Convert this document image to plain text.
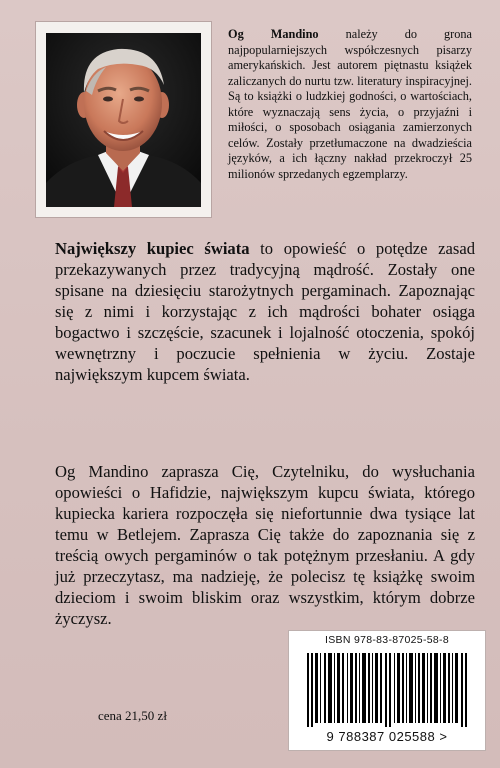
Og Mandino należy do grona najpopularniejszych współczesnych pisarzy amerykańskich. Jest autorem piętnastu książek zaliczanych do nurtu tzw. literatury inspiracyjnej. Są to książki o ludzkiej godności, o wartościach, które wyznaczają sens życia, o przyjaźni i miłości, o sposobach osiągania zamierzonych celów. Zostały przetłumaczone na dwadzieścia języków, a ich łączny nakład przekroczył 25 milionów sprzedanych egzemplarzy.
Największy kupiec świata to opowieść o potędze zasad przekazywanych przez tradycyjną mądrość. Zostały one spisane na dziesięciu starożytnych pergaminach. Zapoznając się z nimi i korzystając z ich mądrości bohater osiąga bogactwo i szczęście, szacunek i lojalność otoczenia, spokój wewnętrzny i poczucie spełnienia w życiu. Zostaje największym kupcem świata.
Og Mandino zaprasza Cię, Czytelniku, do wysłuchania opowieści o Hafidzie, największym kupcu świata, którego kupiecka kariera rozpoczęła się niefortunnie dwa tysiące lat temu w Betlejem. Zaprasza Cię także do zapoznania się z treścią owych pergaminów o tak potężnym przesłaniu. A gdy już przeczytasz, ma nadzieję, że polecisz tę książkę swoim dzieciom i swoim bliskim oraz wszystkim, którym dobrze życzysz.
ISBN 978-83-87025-58-8
9 788387 025588 >
cena 21,50 zł
